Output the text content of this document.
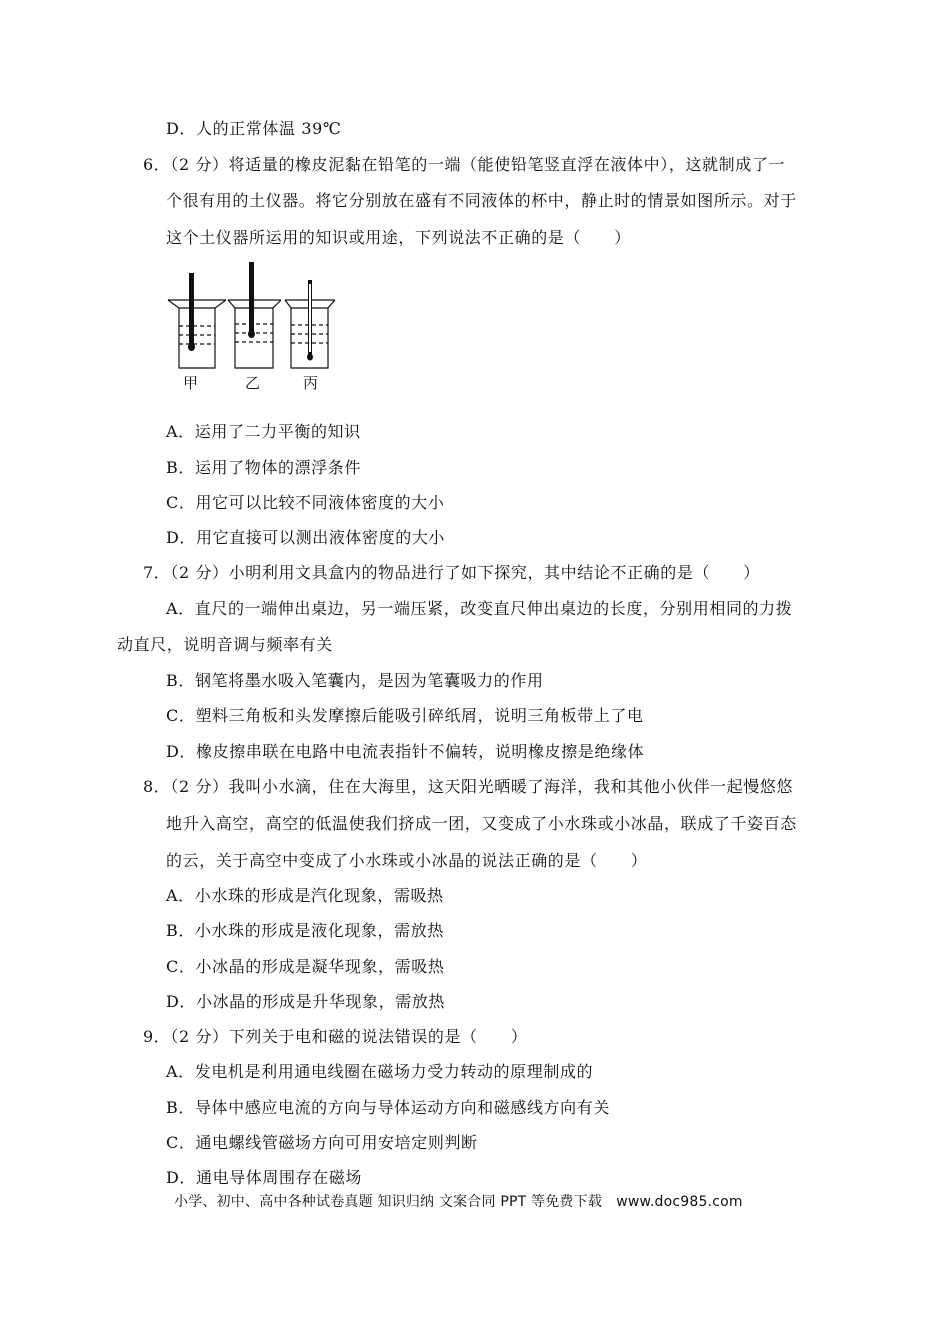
D．人的正常体温 39℃
6．（2 分）将适量的橡皮泥黏在铅笔的一端（能使铅笔竖直浮在液体中），这就制成了一
个很有用的土仪器。将它分别放在盛有不同液体的杯中，静止时的情景如图所示。对于
这个土仪器所运用的知识或用途，下列说法不正确的是（　　）
甲	乙	丙
A．运用了二力平衡的知识
B．运用了物体的漂浮条件
C．用它可以比较不同液体密度的大小
D．用它直接可以测出液体密度的大小
7．（2 分）小明利用文具盒内的物品进行了如下探究，其中结论不正确的是（　　）
A．直尺的一端伸出桌边，另一端压紧，改变直尺伸出桌边的长度，分别用相同的力拨
动直尺，说明音调与频率有关
B．钢笔将墨水吸入笔囊内，是因为笔囊吸力的作用
C．塑料三角板和头发摩擦后能吸引碎纸屑，说明三角板带上了电
D．橡皮擦串联在电路中电流表指针不偏转，说明橡皮擦是绝缘体
8．（2 分）我叫小水滴，住在大海里，这天阳光晒暖了海洋，我和其他小伙伴一起慢悠悠
地升入高空，高空的低温使我们挤成一团，又变成了小水珠或小冰晶，联成了千姿百态
的云，关于高空中变成了小水珠或小冰晶的说法正确的是（　　）
A．小水珠的形成是汽化现象，需吸热
B．小水珠的形成是液化现象，需放热
C．小冰晶的形成是凝华现象，需吸热
D．小冰晶的形成是升华现象，需放热
9．（2 分）下列关于电和磁的说法错误的是（　　）
A．发电机是利用通电线圈在磁场力受力转动的原理制成的
B．导体中感应电流的方向与导体运动方向和磁感线方向有关
C．通电螺线管磁场方向可用安培定则判断
D．通电导体周围存在磁场
小学、初中、高中各种试卷真题 知识归纳 文案合同 PPT 等免费下载　www.doc985.com
